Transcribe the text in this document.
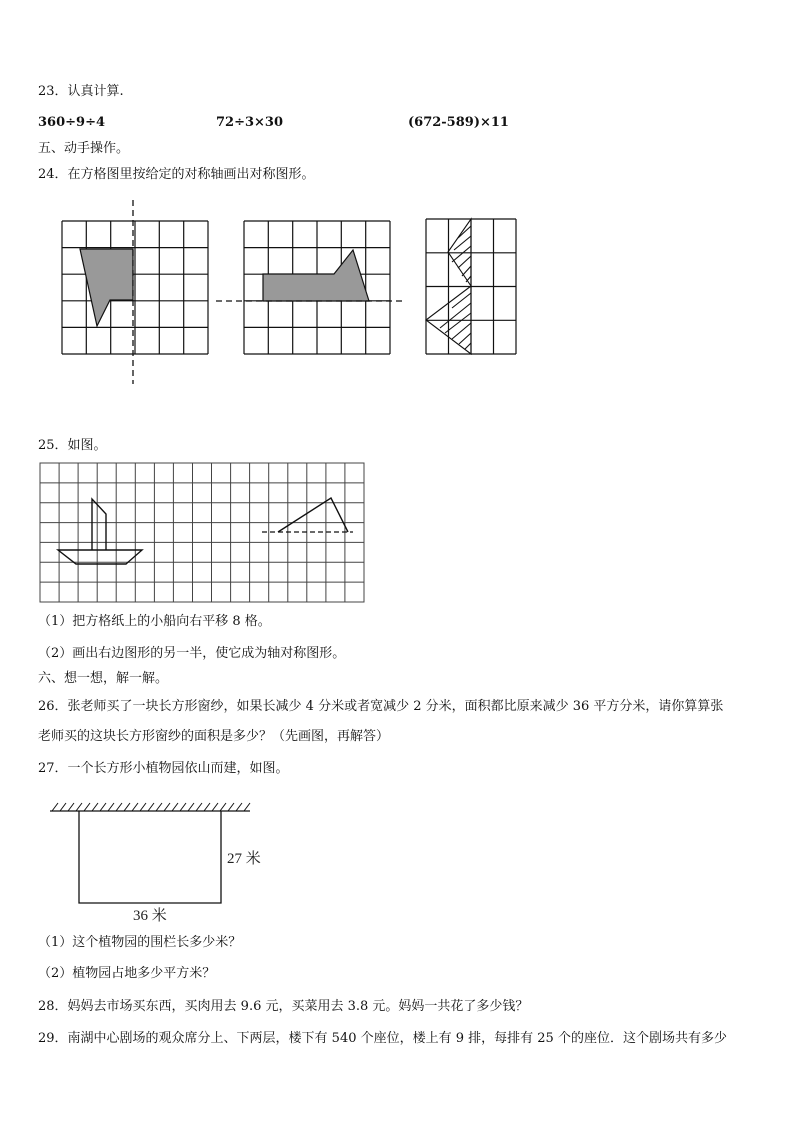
23．认真计算.
360÷9÷4	72÷3×30	(672-589)×11
五、动手操作。
24．在方格图里按给定的对称轴画出对称图形。
25．如图。
（1）把方格纸上的小船向右平移 8 格。
（2）画出右边图形的另一半，使它成为轴对称图形。
六、想一想，解一解。
26．张老师买了一块长方形窗纱，如果长减少 4 分米或者宽减少 2 分米，面积都比原来减少 36 平方分米，请你算算张
老师买的这块长方形窗纱的面积是多少？（先画图，再解答）
27．一个长方形小植物园依山而建，如图。
27 米
36 米
（1）这个植物园的围栏长多少米？
（2）植物园占地多少平方米？
28．妈妈去市场买东西，买肉用去 9.6 元，买菜用去 3.8 元。妈妈一共花了多少钱？
29．南湖中心剧场的观众席分上、下两层，楼下有 540 个座位，楼上有 9 排，每排有 25 个的座位．这个剧场共有多少
